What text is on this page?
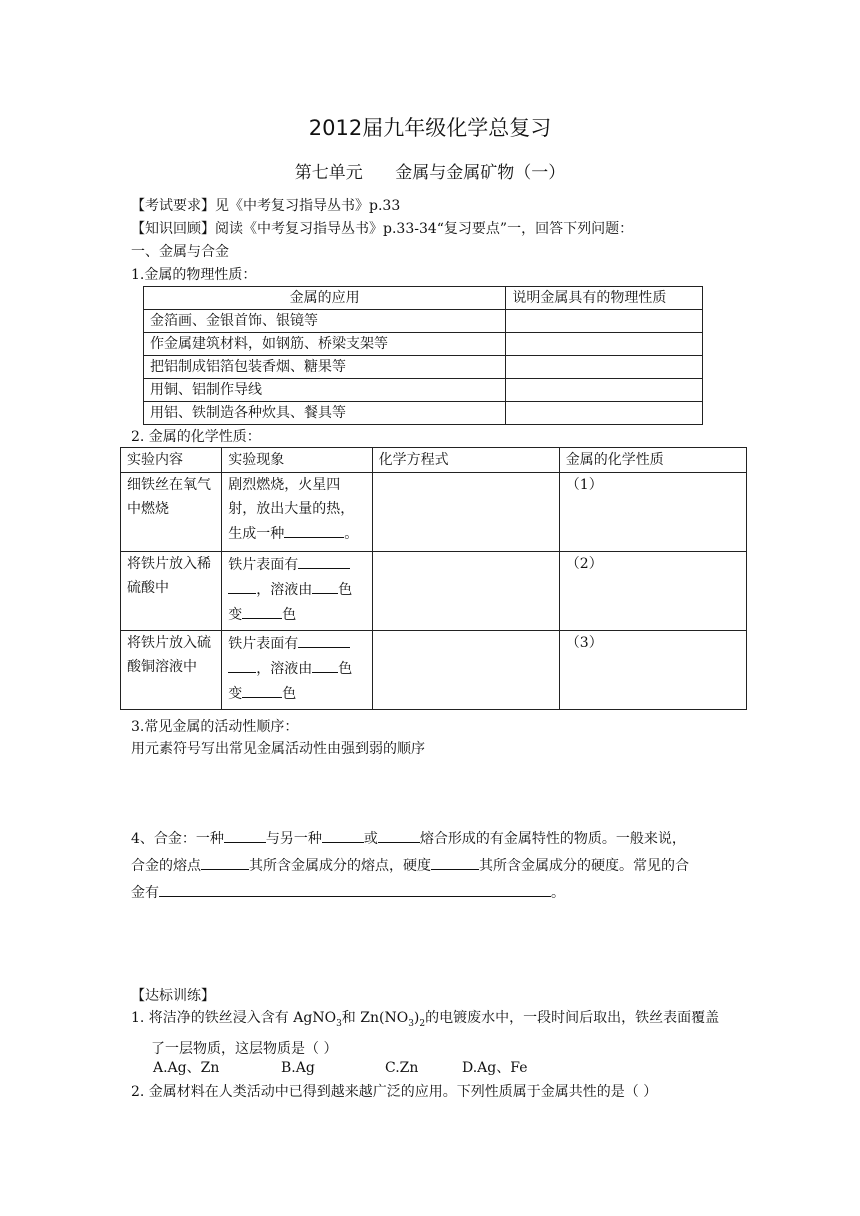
2012届九年级化学总复习
第七单元      金属与金属矿物（一）
【考试要求】见《中考复习指导丛书》p.33
【知识回顾】阅读《中考复习指导丛书》p.33-34“复习要点”一，回答下列问题：
一、金属与合金
1.金属的物理性质：
金属的应用	说明金属具有的物理性质
金箔画、金银首饰、银镜等	
作金属建筑材料，如钢筋、桥梁支架等	
把铝制成铝箔包装香烟、糖果等	
用铜、铝制作导线	
用铝、铁制造各种炊具、餐具等	
2. 金属的化学性质：
实验内容	实验现象	化学方程式	金属的化学性质
细铁丝在氧气中燃烧	剧烈燃烧，火星四射，放出大量的热，生成一种 。		（1）
将铁片放入稀硫酸中	铁片表面有
，溶液由 色变 色		（2）
将铁片放入硫酸铜溶液中	铁片表面有
，溶液由 色变 色		（3）
3.常见金属的活动性顺序：
用元素符号写出常见金属活动性由强到弱的顺序
4、合金：一种	与另一种	或	熔合形成的有金属特性的物质。一般来说，
合金的熔点	其所含金属成分的熔点，硬度	其所含金属成分的硬度。常见的合
金有	。
【达标训练】
1. 将洁净的铁丝浸入含有 AgNO$_3$和 $Zn(NO_3)_2$的电镀废水中，一段时间后取出，铁丝表面覆盖
了一层物质，这层物质是（ ）
A.Ag、Zn	B.Ag	C.Zn	D.Ag、Fe
2. 金属材料在人类活动中已得到越来越广泛的应用。下列性质属于金属共性的是（ ）
